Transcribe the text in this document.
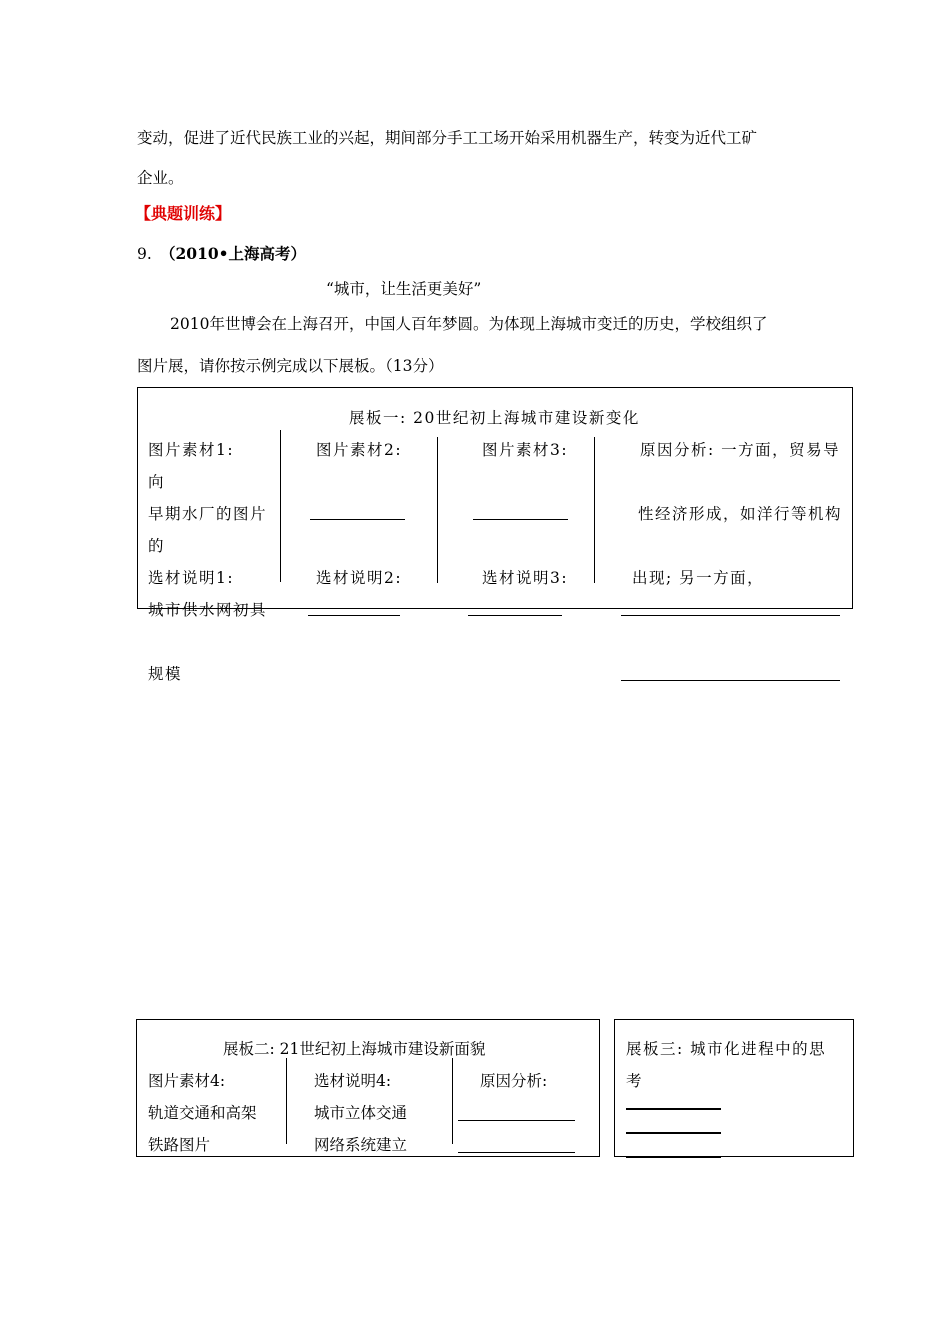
变动，促进了近代民族工业的兴起，期间部分手工工场开始采用机器生产，转变为近代工矿
企业。
【典题训练】
9. （2010•上海高考）
“城市，让生活更美好”
2010年世博会在上海召开，中国人百年梦圆。为体现上海城市变迁的历史，学校组织了
图片展，请你按示例完成以下展板。（13分）
展板一: 20世纪初上海城市建设新变化
图片素材1:
向
早期水厂的图片
的
选材说明1:
城市供水网初具
规模
图片素材2:
选材说明2:
图片素材3:
选材说明3:
原因分析: 一方面，贸易导
性经济形成，如洋行等机构
出现; 另一方面，
展板二: 21世纪初上海城市建设新面貌
图片素材4:
轨道交通和高架
铁路图片
选材说明4:
城市立体交通
网络系统建立
原因分析:
展板三: 城市化进程中的思
考
